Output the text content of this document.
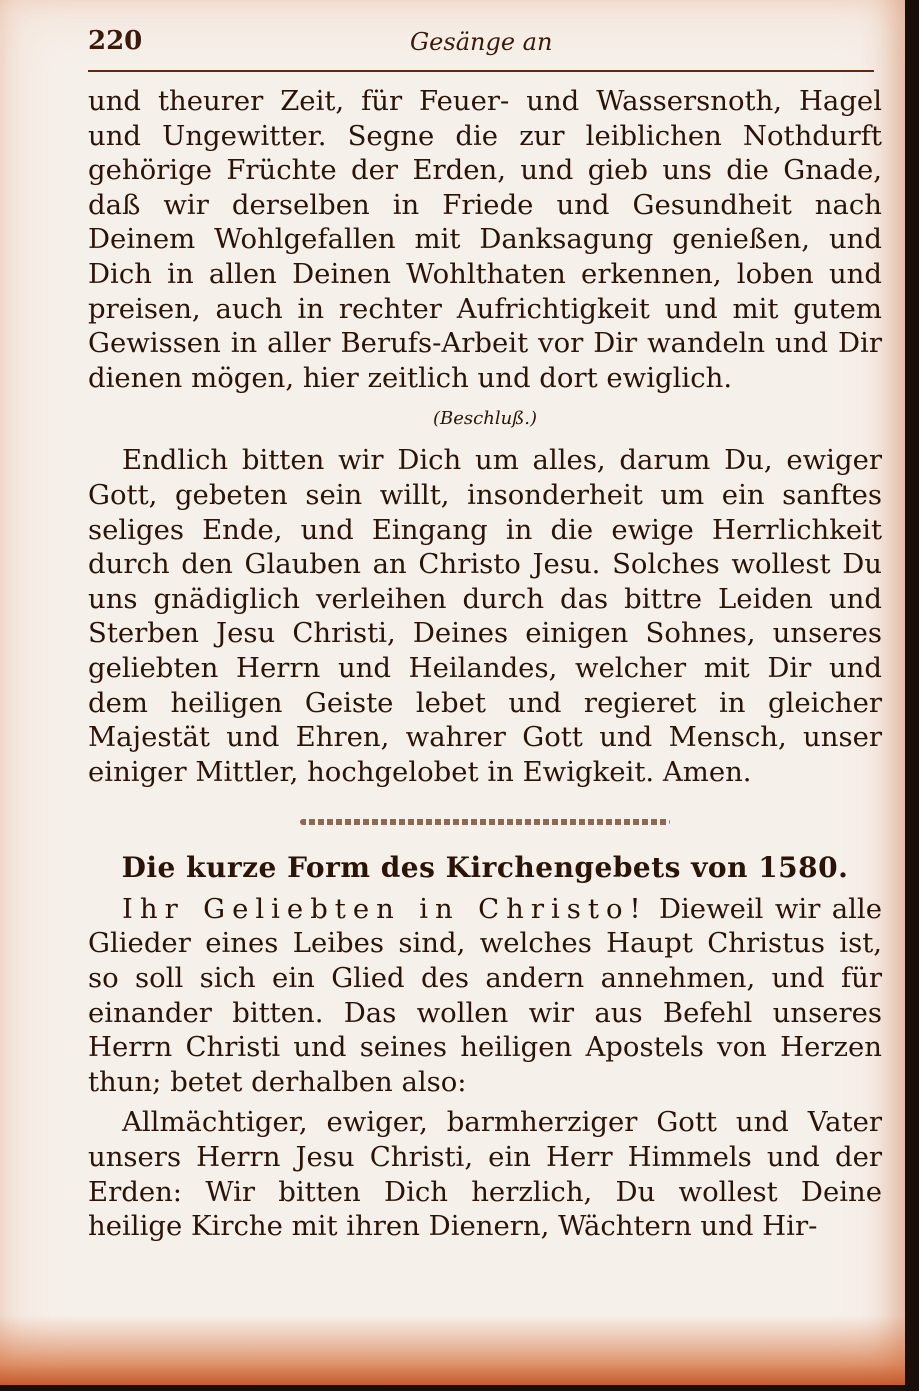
220	Gesänge an

und theurer Zeit, für Feuer- und Wassersnoth, Hagel und Ungewitter. Segne die zur leiblichen Nothdurft gehörige Früchte der Erden, und gieb uns die Gnade, daß wir derselben in Friede und Gesundheit nach Deinem Wohlgefallen mit Danksagung genießen, und Dich in allen Deinen Wohlthaten erkennen, loben und preisen, auch in rechter Aufrichtigkeit und mit gutem Gewissen in aller Berufs-Arbeit vor Dir wandeln und Dir dienen mögen, hier zeitlich und dort ewiglich.

(Beschluß.)

Endlich bitten wir Dich um alles, darum Du, ewiger Gott, gebeten sein willt, insonderheit um ein sanftes seliges Ende, und Eingang in die ewige Herrlichkeit durch den Glauben an Christo Jesu. Solches wollest Du uns gnädiglich verleihen durch das bittre Leiden und Sterben Jesu Christi, Deines einigen Sohnes, unseres geliebten Herrn und Heilandes, welcher mit Dir und dem heiligen Geiste lebet und regieret in gleicher Majestät und Ehren, wahrer Gott und Mensch, unser einiger Mittler, hochgelobet in Ewigkeit. Amen.

Die kurze Form des Kirchengebets von 1580.

Ihr Geliebten in Christo! Dieweil wir alle Glieder eines Leibes sind, welches Haupt Christus ist, so soll sich ein Glied des andern annehmen, und für einander bitten. Das wollen wir aus Befehl unseres Herrn Christi und seines heiligen Apostels von Herzen thun; betet derhalben also:

Allmächtiger, ewiger, barmherziger Gott und Vater unsers Herrn Jesu Christi, ein Herr Himmels und der Erden: Wir bitten Dich herzlich, Du wollest Deine heilige Kirche mit ihren Dienern, Wächtern und Hir-
